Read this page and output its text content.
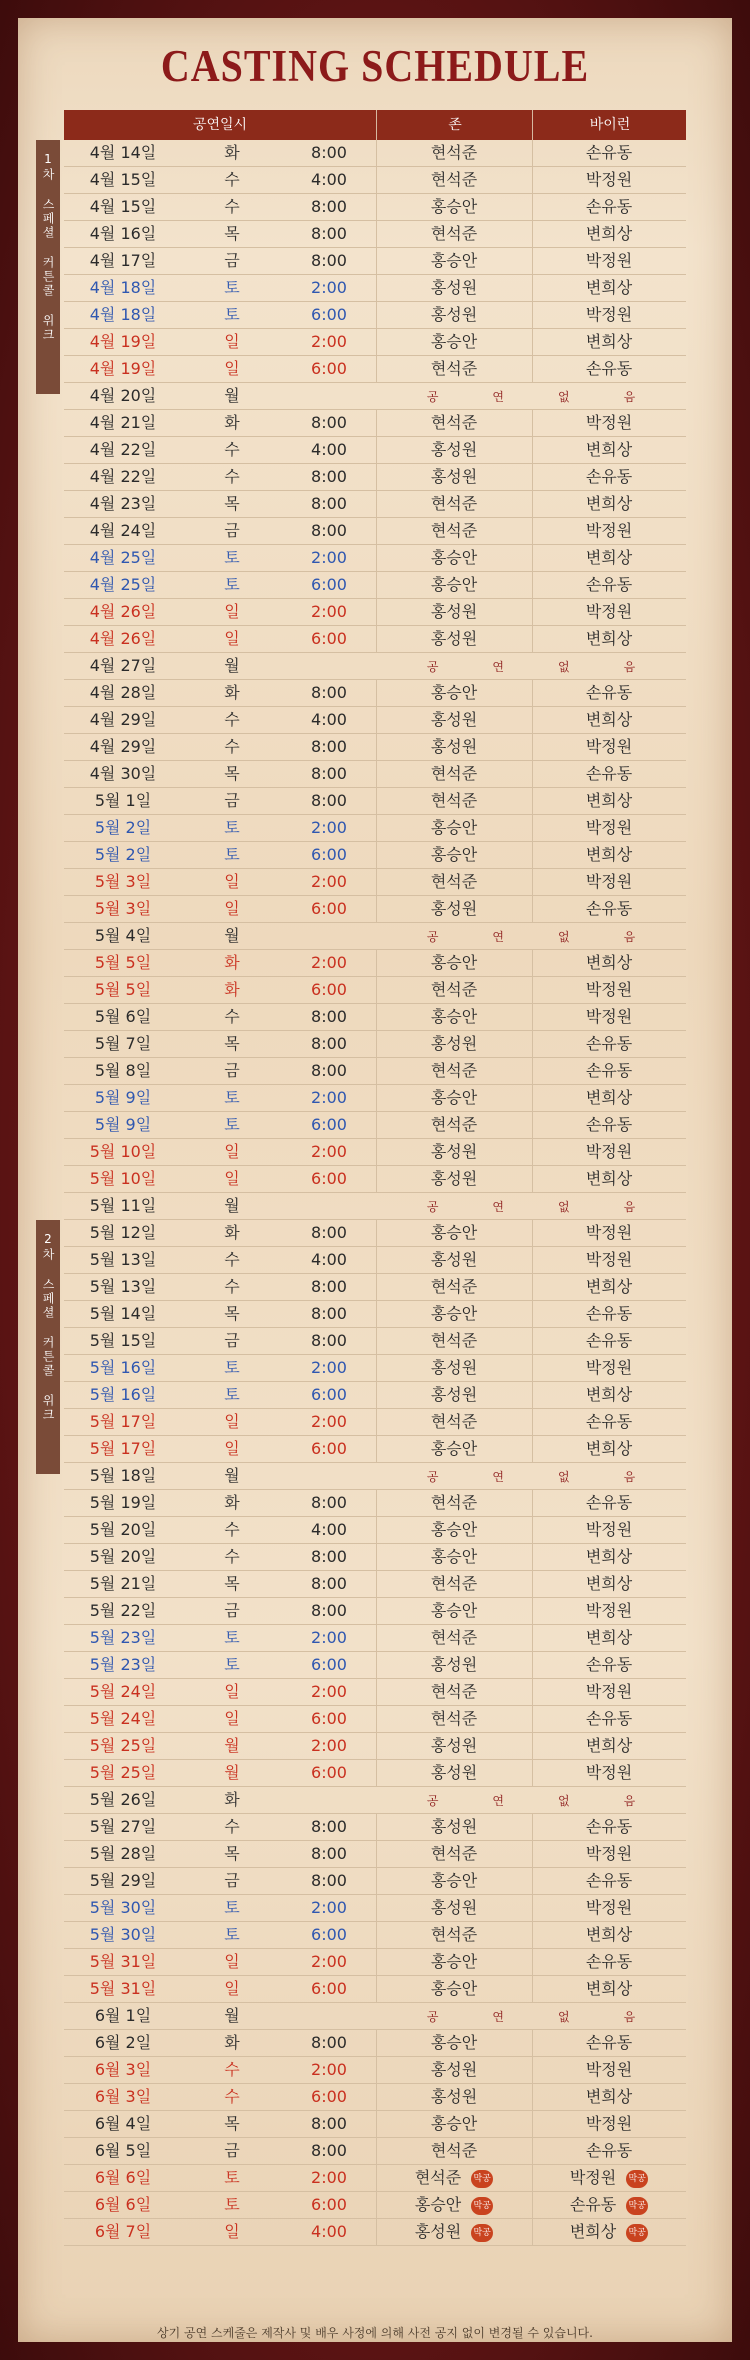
CASTING SCHEDULE
공연일시	존	바이런
1차 스페셜 커튼콜 위크
2차 스페셜 커튼콜 위크
4월 14일	화	8:00	현석준	손유동
4월 15일	수	4:00	현석준	박정원
4월 15일	수	8:00	홍승안	손유동
4월 16일	목	8:00	현석준	변희상
4월 17일	금	8:00	홍승안	박정원
4월 18일	토	2:00	홍성원	변희상
4월 18일	토	6:00	홍성원	박정원
4월 19일	일	2:00	홍승안	변희상
4월 19일	일	6:00	현석준	손유동
4월 20일	월	공	연	없	음
4월 21일	화	8:00	현석준	박정원
4월 22일	수	4:00	홍성원	변희상
4월 22일	수	8:00	홍성원	손유동
4월 23일	목	8:00	현석준	변희상
4월 24일	금	8:00	현석준	박정원
4월 25일	토	2:00	홍승안	변희상
4월 25일	토	6:00	홍승안	손유동
4월 26일	일	2:00	홍성원	박정원
4월 26일	일	6:00	홍성원	변희상
4월 27일	월	공	연	없	음
4월 28일	화	8:00	홍승안	손유동
4월 29일	수	4:00	홍성원	변희상
4월 29일	수	8:00	홍성원	박정원
4월 30일	목	8:00	현석준	손유동
5월 1일	금	8:00	현석준	변희상
5월 2일	토	2:00	홍승안	박정원
5월 2일	토	6:00	홍승안	변희상
5월 3일	일	2:00	현석준	박정원
5월 3일	일	6:00	홍성원	손유동
5월 4일	월	공	연	없	음
5월 5일	화	2:00	홍승안	변희상
5월 5일	화	6:00	현석준	박정원
5월 6일	수	8:00	홍승안	박정원
5월 7일	목	8:00	홍성원	손유동
5월 8일	금	8:00	현석준	손유동
5월 9일	토	2:00	홍승안	변희상
5월 9일	토	6:00	현석준	손유동
5월 10일	일	2:00	홍성원	박정원
5월 10일	일	6:00	홍성원	변희상
5월 11일	월	공	연	없	음
5월 12일	화	8:00	홍승안	박정원
5월 13일	수	4:00	홍성원	박정원
5월 13일	수	8:00	현석준	변희상
5월 14일	목	8:00	홍승안	손유동
5월 15일	금	8:00	현석준	손유동
5월 16일	토	2:00	홍성원	박정원
5월 16일	토	6:00	홍성원	변희상
5월 17일	일	2:00	현석준	손유동
5월 17일	일	6:00	홍승안	변희상
5월 18일	월	공	연	없	음
5월 19일	화	8:00	현석준	손유동
5월 20일	수	4:00	홍승안	박정원
5월 20일	수	8:00	홍승안	변희상
5월 21일	목	8:00	현석준	변희상
5월 22일	금	8:00	홍승안	박정원
5월 23일	토	2:00	현석준	변희상
5월 23일	토	6:00	홍성원	손유동
5월 24일	일	2:00	현석준	박정원
5월 24일	일	6:00	현석준	손유동
5월 25일	월	2:00	홍성원	변희상
5월 25일	월	6:00	홍성원	박정원
5월 26일	화	공	연	없	음
5월 27일	수	8:00	홍성원	손유동
5월 28일	목	8:00	현석준	박정원
5월 29일	금	8:00	홍승안	손유동
5월 30일	토	2:00	홍성원	박정원
5월 30일	토	6:00	현석준	변희상
5월 31일	일	2:00	홍승안	손유동
5월 31일	일	6:00	홍승안	변희상
6월 1일	월	공	연	없	음
6월 2일	화	8:00	홍승안	손유동
6월 3일	수	2:00	홍성원	박정원
6월 3일	수	6:00	홍성원	변희상
6월 4일	목	8:00	홍승안	박정원
6월 5일	금	8:00	현석준	손유동
6월 6일	토	2:00	현석준 막공	박정원 막공
6월 6일	토	6:00	홍승안 막공	손유동 막공
6월 7일	일	4:00	홍성원 막공	변희상 막공
상기 공연 스케줄은 제작사 및 배우 사정에 의해 사전 공지 없이 변경될 수 있습니다.
